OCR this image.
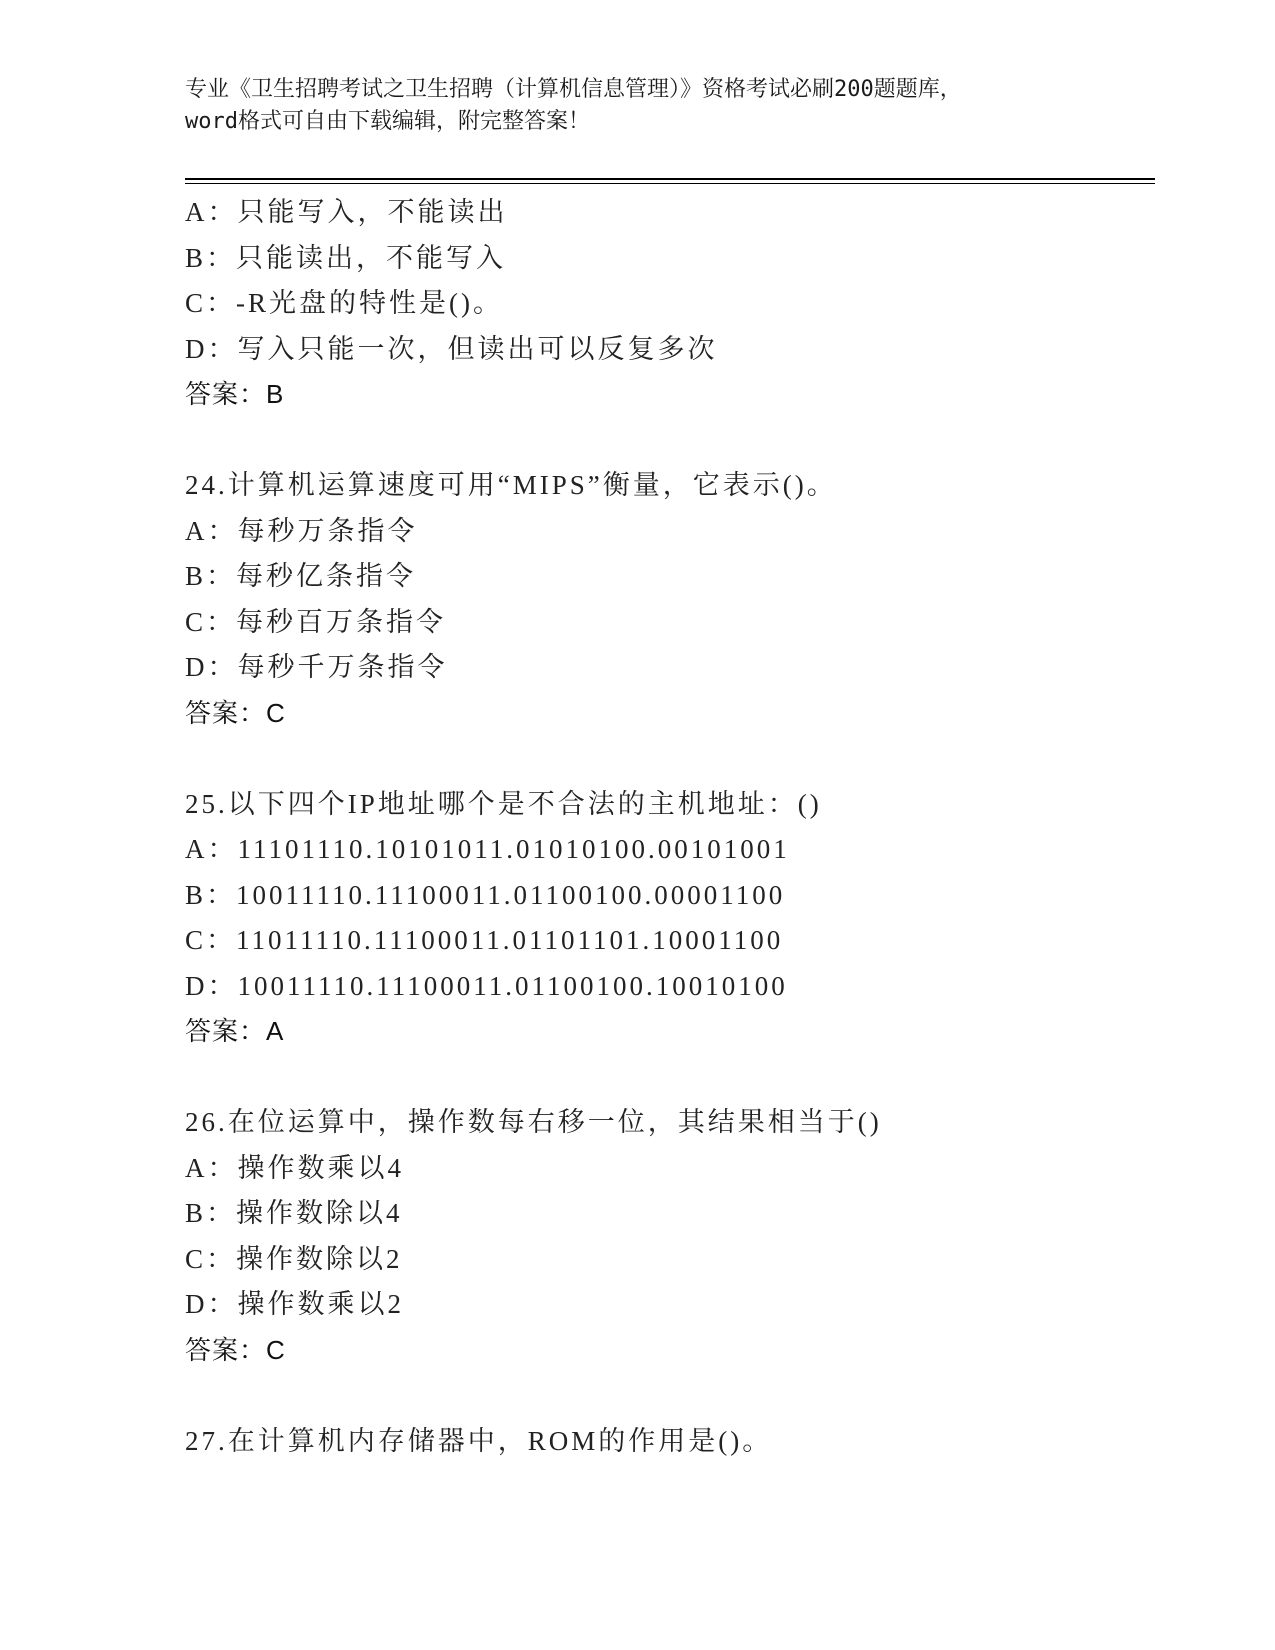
专业《卫生招聘考试之卫生招聘（计算机信息管理）》资格考试必刷200题题库，
word格式可自由下载编辑，附完整答案！
A：只能写入，不能读出
B：只能读出，不能写入
C：-R光盘的特性是()。
D：写入只能一次，但读出可以反复多次
答案：B
24.计算机运算速度可用“MIPS”衡量，它表示()。
A：每秒万条指令
B：每秒亿条指令
C：每秒百万条指令
D：每秒千万条指令
答案：C
25.以下四个IP地址哪个是不合法的主机地址：()
A：11101110.10101011.01010100.00101001
B：10011110.11100011.01100100.00001100
C：11011110.11100011.01101101.10001100
D：10011110.11100011.01100100.10010100
答案：A
26.在位运算中，操作数每右移一位，其结果相当于()
A：操作数乘以4
B：操作数除以4
C：操作数除以2
D：操作数乘以2
答案：C
27.在计算机内存储器中，ROM的作用是()。
